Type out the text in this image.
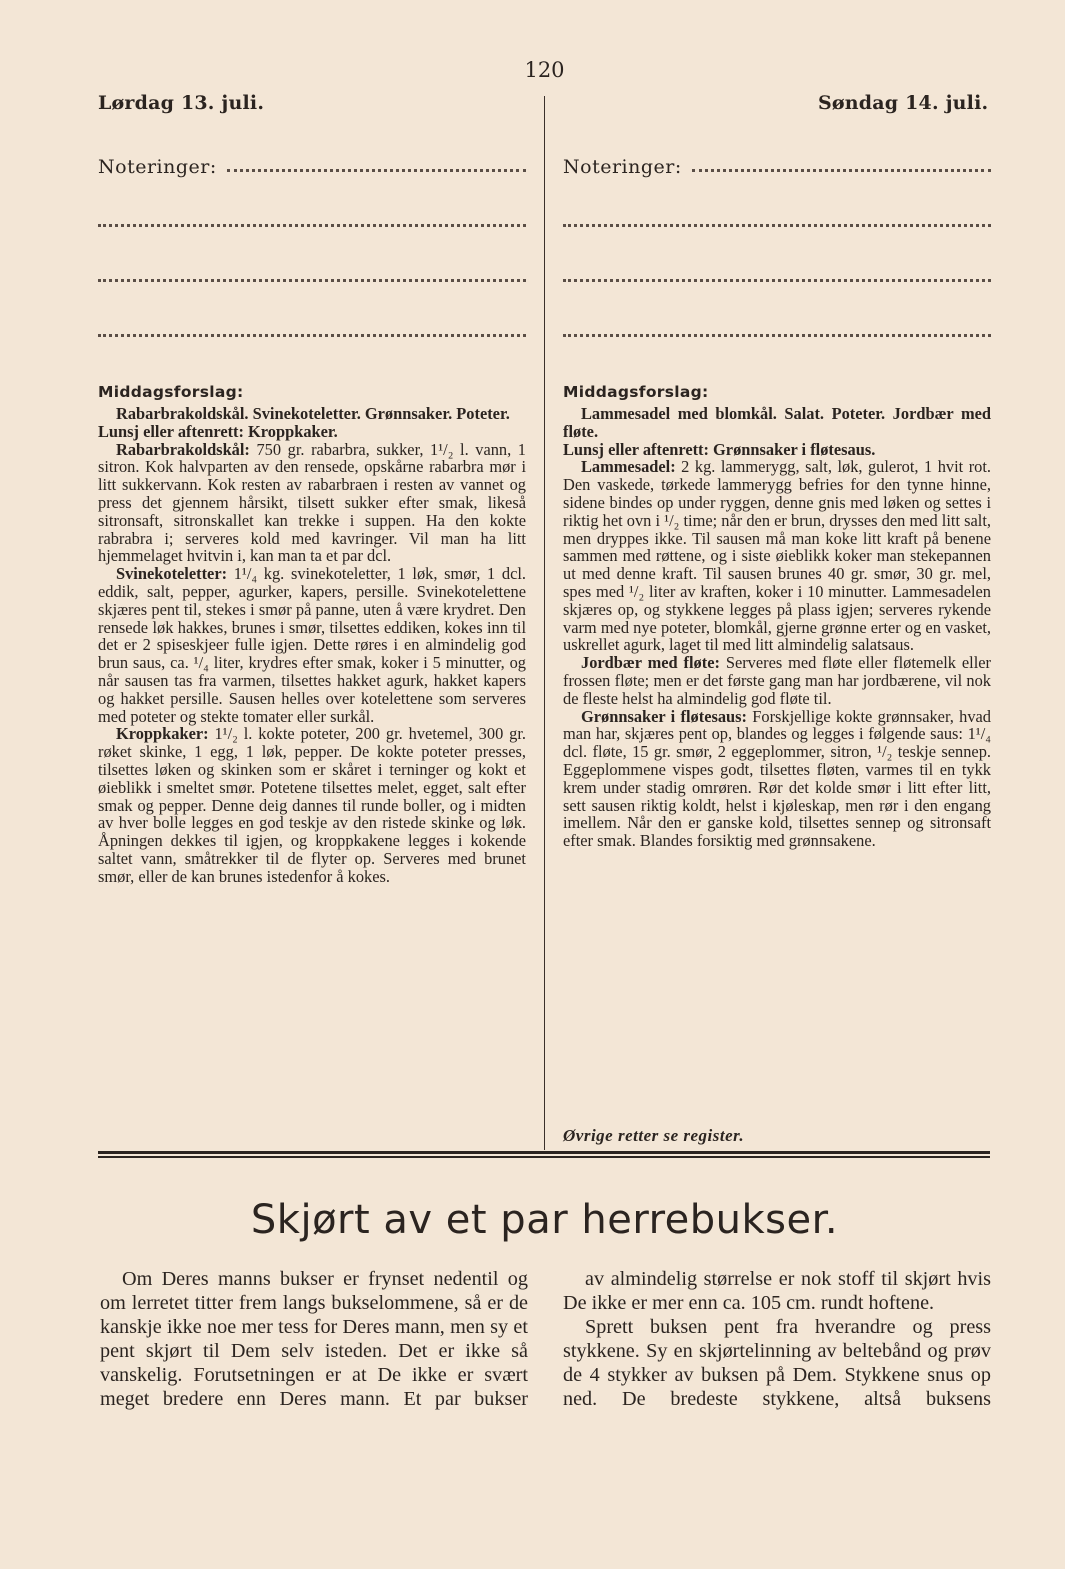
120
Lørdag 13. juli.	Søndag 14. juli.
Noteringer:
Middagsforslag:

Rabarbrakoldskål. Svinekoteletter. Grønnsaker. Poteter.

Lunsj eller aftenrett: Kroppkaker.

Rabarbrakoldskål: 750 gr. rabarbra, sukker, 1¹/₂ l. vann, 1 sitron. Kok halvparten av den rensede, opskårne rabarbra mør i litt sukkervann. Kok resten av rabarbraen i resten av vannet og press det gjennem hårsikt, tilsett sukker efter smak, likeså sitronsaft, sitronskallet kan trekke i suppen. Ha den kokte rabrabra i; serveres kold med kavringer. Vil man ha litt hjemmelaget hvitvin i, kan man ta et par dcl.

Svinekoteletter: 1¹/₄ kg. svinekoteletter, 1 løk, smør, 1 dcl. eddik, salt, pepper, agurker, kapers, persille. Svinekotelettene skjæres pent til, stekes i smør på panne, uten å være krydret. Den rensede løk hakkes, brunes i smør, tilsettes eddiken, kokes inn til det er 2 spiseskjeer fulle igjen. Dette røres i en almindelig god brun saus, ca. ¹/₄ liter, krydres efter smak, koker i 5 minutter, og når sausen tas fra varmen, tilsettes hakket agurk, hakket kapers og hakket persille. Sausen helles over kotelettene som serveres med poteter og stekte tomater eller surkål.

Kroppkaker: 1¹/₂ l. kokte poteter, 200 gr. hvetemel, 300 gr. røket skinke, 1 egg, 1 løk, pepper. De kokte poteter presses, tilsettes løken og skinken som er skåret i terninger og kokt et øieblikk i smeltet smør. Potetene tilsettes melet, egget, salt efter smak og pepper. Denne deig dannes til runde boller, og i midten av hver bolle legges en god teskje av den ristede skinke og løk. Åpningen dekkes til igjen, og kroppkakene legges i kokende saltet vann, småtrekker til de flyter op. Serveres med brunet smør, eller de kan brunes istedenfor å kokes.

Noteringer:
Middagsforslag:

Lammesadel med blomkål. Salat. Poteter. Jordbær med fløte.

Lunsj eller aftenrett: Grønnsaker i fløtesaus.

Lammesadel: 2 kg. lammerygg, salt, løk, gulerot, 1 hvit rot. Den vaskede, tørkede lammerygg befries for den tynne hinne, sidene bindes op under ryggen, denne gnis med løken og settes i riktig het ovn i ¹/₂ time; når den er brun, drysses den med litt salt, men dryppes ikke. Til sausen må man koke litt kraft på benene sammen med røttene, og i siste øieblikk koker man stekepannen ut med denne kraft. Til sausen brunes 40 gr. smør, 30 gr. mel, spes med ¹/₂ liter av kraften, koker i 10 minutter. Lammesadelen skjæres op, og stykkene legges på plass igjen; serveres rykende varm med nye poteter, blomkål, gjerne grønne erter og en vasket, uskrellet agurk, laget til med litt almindelig salatsaus.

Jordbær med fløte: Serveres med fløte eller fløtemelk eller frossen fløte; men er det første gang man har jordbærene, vil nok de fleste helst ha almindelig god fløte til.

Grønnsaker i fløtesaus: Forskjellige kokte grønnsaker, hvad man har, skjæres pent op, blandes og legges i følgende saus: 1¹/₄ dcl. fløte, 15 gr. smør, 2 eggeplommer, sitron, ¹/₂ teskje sennep. Eggeplommene vispes godt, tilsettes fløten, varmes til en tykk krem under stadig omrøren. Rør det kolde smør i litt efter litt, sett sausen riktig koldt, helst i kjøleskap, men rør i den engang imellem. Når den er ganske kold, tilsettes sennep og sitronsaft efter smak. Blandes forsiktig med grønnsakene.

Øvrige retter se register.
Skjørt av et par herrebukser.

Om Deres manns bukser er frynset nedentil og om lerretet titter frem langs bukselommene, så er de kanskje ikke noe mer tess for Deres mann, men sy et pent skjørt til Dem selv isteden. Det er ikke så vanskelig. Forutsetningen er at De ikke er svært meget bredere enn Deres mann. Et par bukser

av almindelig størrelse er nok stoff til skjørt hvis De ikke er mer enn ca. 105 cm. rundt hoftene.

Sprett buksen pent fra hverandre og press stykkene. Sy en skjørtelinning av beltebånd og prøv de 4 stykker av buksen på Dem. Stykkene snus op ned. De bredeste stykkene, altså buksens
